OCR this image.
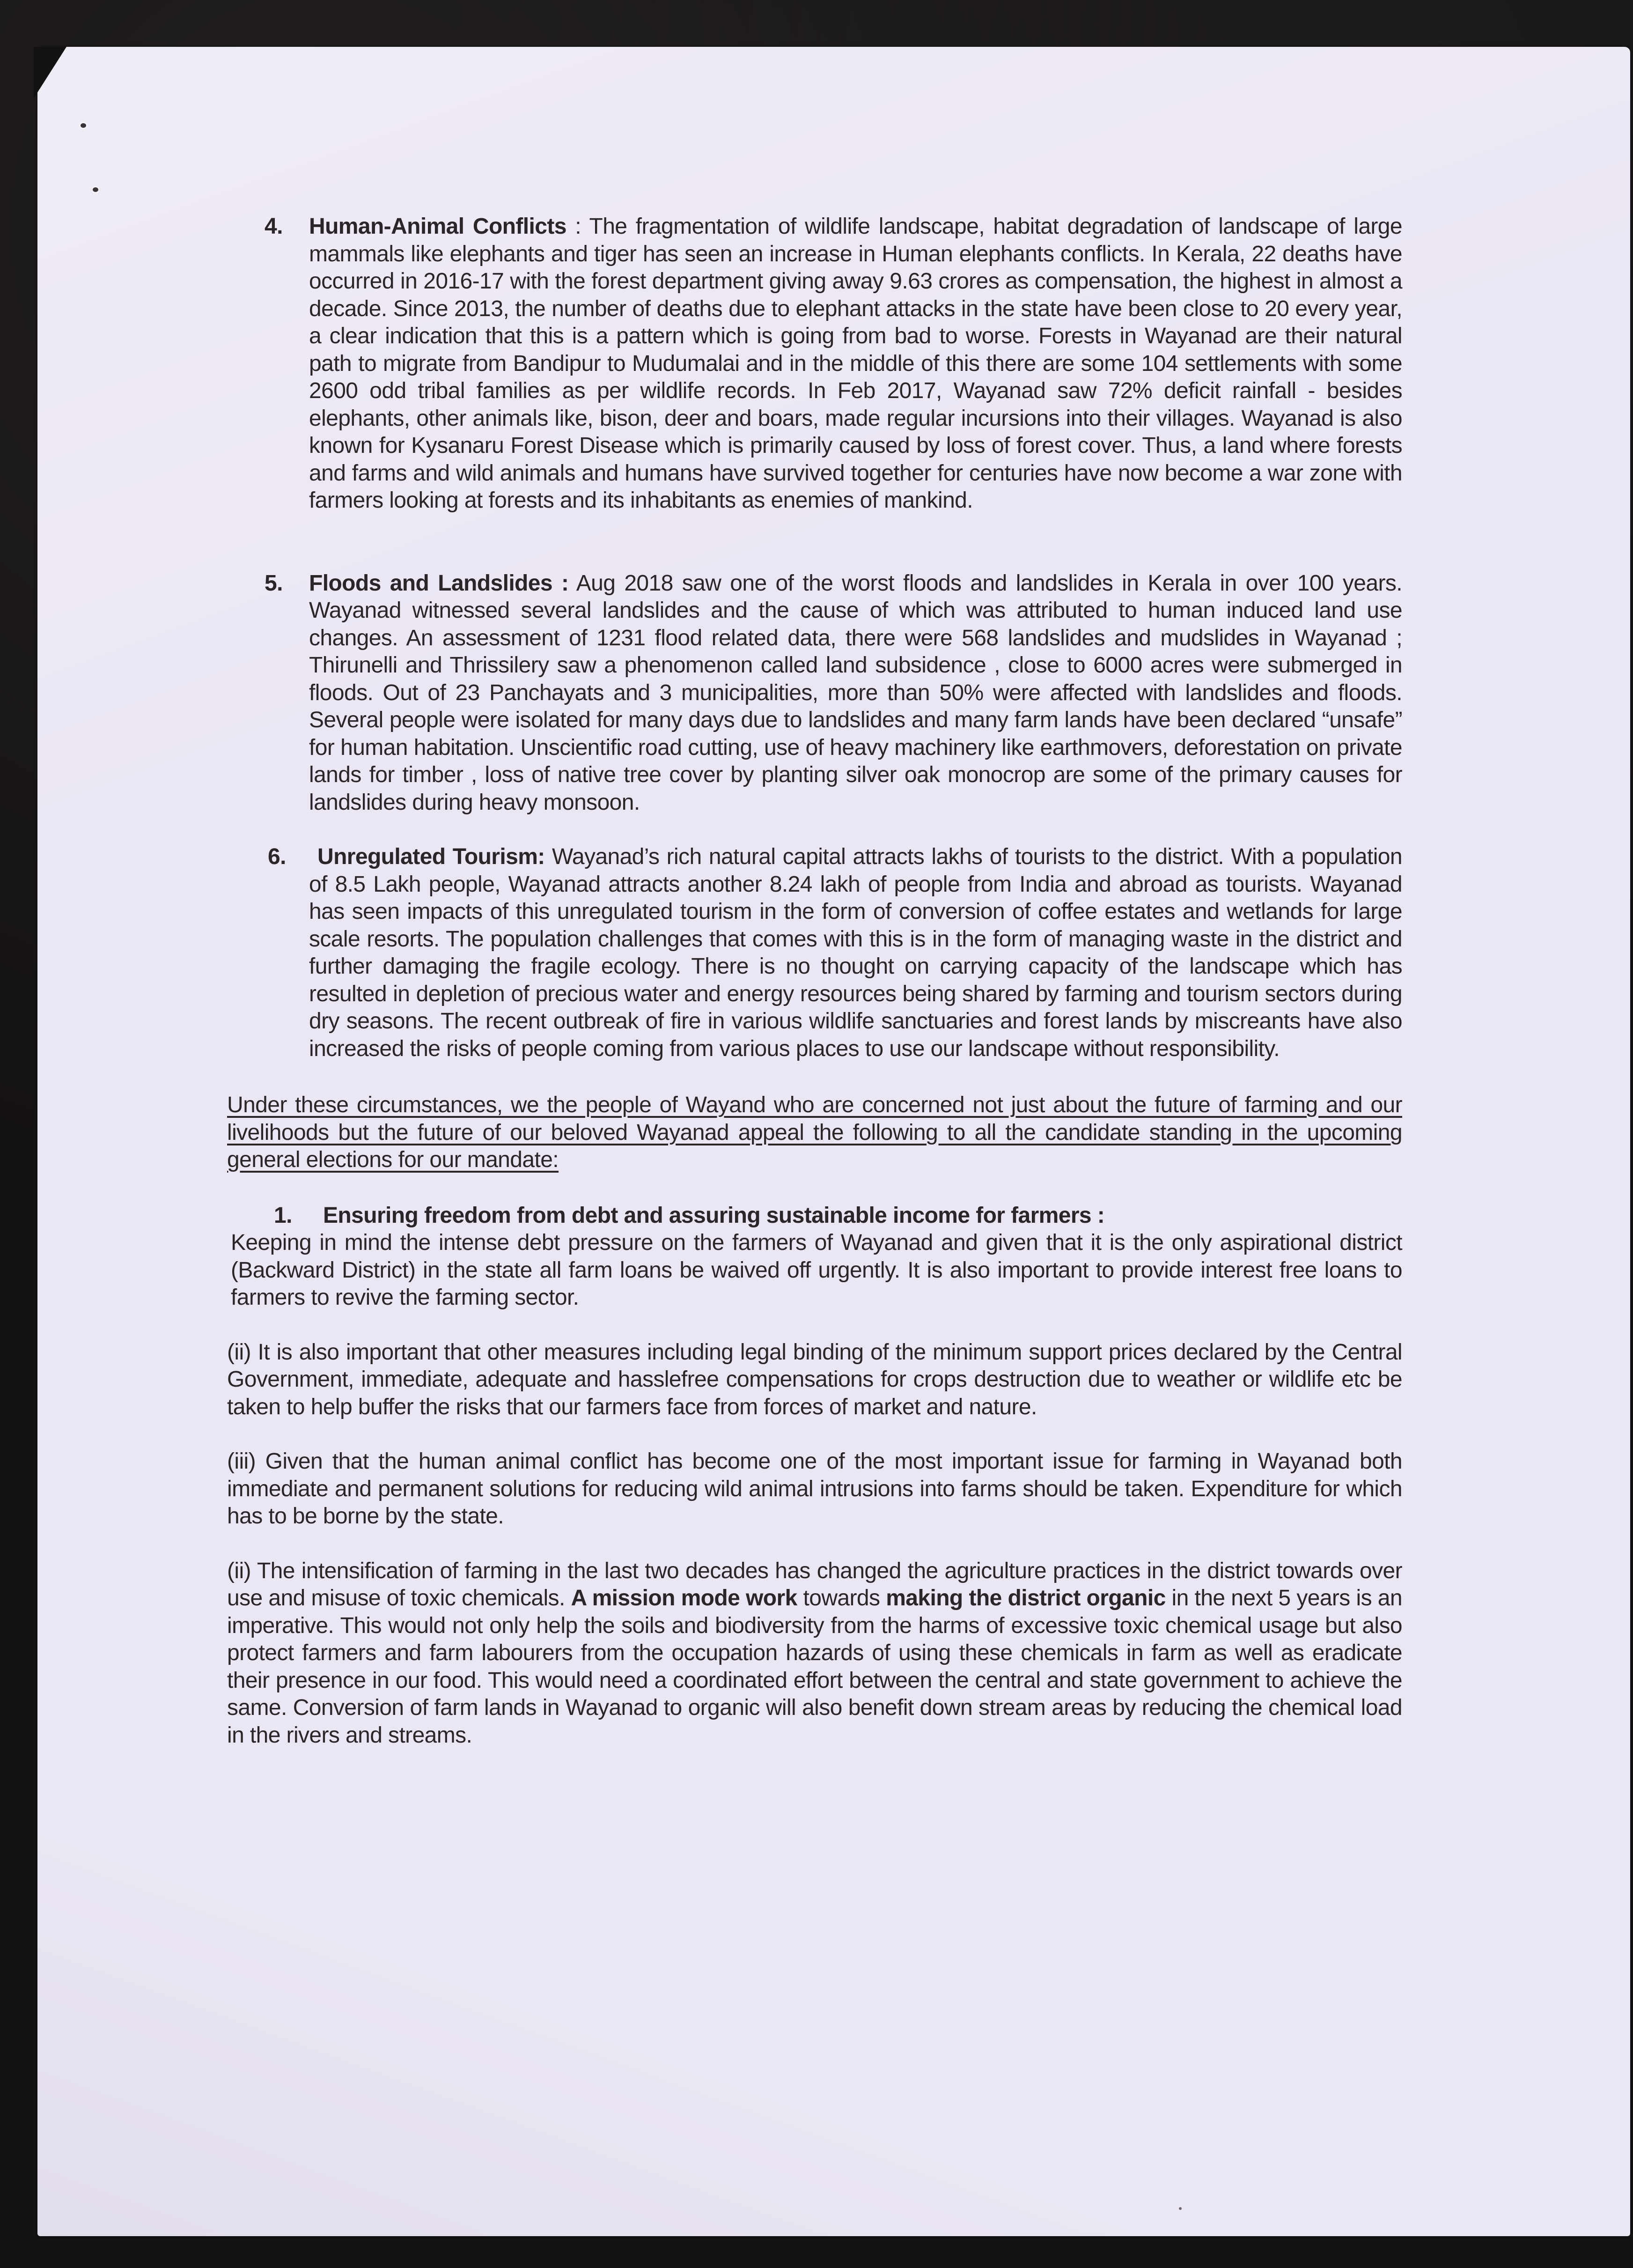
4. Human-Animal Conflicts : The fragmentation of wildlife landscape, habitat degradation of landscape of large mammals like elephants and tiger has seen an increase in Human elephants conflicts. In Kerala, 22 deaths have occurred in 2016-17 with the forest department giving away 9.63 crores as compensation, the highest in almost a decade. Since 2013, the number of deaths due to elephant attacks in the state have been close to 20 every year, a clear indication that this is a pattern which is going from bad to worse. Forests in Wayanad are their natural path to migrate from Bandipur to Mudumalai and in the middle of this there are some 104 settlements with some 2600 odd tribal families as per wildlife records. In Feb 2017, Wayanad saw 72% deficit rainfall - besides elephants, other animals like, bison, deer and boars, made regular incursions into their villages. Wayanad is also known for Kysanaru Forest Disease which is primarily caused by loss of forest cover. Thus, a land where forests and farms and wild animals and humans have survived together for centuries have now become a war zone with farmers looking at forests and its inhabitants as enemies of mankind.
5. Floods and Landslides : Aug 2018 saw one of the worst floods and landslides in Kerala in over 100 years. Wayanad witnessed several landslides and the cause of which was attributed to human induced land use changes. An assessment of 1231 flood related data, there were 568 landslides and mudslides in Wayanad ; Thirunelli and Thrissilery saw a phenomenon called land subsidence , close to 6000 acres were submerged in floods. Out of 23 Panchayats and 3 municipalities, more than 50% were affected with landslides and floods. Several people were isolated for many days due to landslides and many farm lands have been declared “unsafe” for human habitation. Unscientific road cutting, use of heavy machinery like earthmovers, deforestation on private lands for timber , loss of native tree cover by planting silver oak monocrop are some of the primary causes for landslides during heavy monsoon.
6. Unregulated Tourism: Wayanad’s rich natural capital attracts lakhs of tourists to the district. With a population of 8.5 Lakh people, Wayanad attracts another 8.24 lakh of people from India and abroad as tourists. Wayanad has seen impacts of this unregulated tourism in the form of conversion of coffee estates and wetlands for large scale resorts. The population challenges that comes with this is in the form of managing waste in the district and further damaging the fragile ecology. There is no thought on carrying capacity of the landscape which has resulted in depletion of precious water and energy resources being shared by farming and tourism sectors during dry seasons. The recent outbreak of fire in various wildlife sanctuaries and forest lands by miscreants have also increased the risks of people coming from various places to use our landscape without responsibility.
Under these circumstances, we the people of Wayand who are concerned not just about the future of farming and our livelihoods but the future of our beloved Wayanad appeal the following to all the candidate standing in the upcoming general elections for our mandate:
1. Ensuring freedom from debt and assuring sustainable income for farmers :
Keeping in mind the intense debt pressure on the farmers of Wayanad and given that it is the only aspirational district (Backward District) in the state all farm loans be waived off urgently. It is also important to provide interest free loans to farmers to revive the farming sector.
(ii) It is also important that other measures including legal binding of the minimum support prices declared by the Central Government, immediate, adequate and hasslefree compensations for crops destruction due to weather or wildlife etc be taken to help buffer the risks that our farmers face from forces of market and nature.
(iii) Given that the human animal conflict has become one of the most important issue for farming in Wayanad both immediate and permanent solutions for reducing wild animal intrusions into farms should be taken. Expenditure for which has to be borne by the state.
(ii) The intensification of farming in the last two decades has changed the agriculture practices in the district towards over use and misuse of toxic chemicals. A mission mode work towards making the district organic in the next 5 years is an imperative. This would not only help the soils and biodiversity from the harms of excessive toxic chemical usage but also protect farmers and farm labourers from the occupation hazards of using these chemicals in farm as well as eradicate their presence in our food. This would need a coordinated effort between the central and state government to achieve the same. Conversion of farm lands in Wayanad to organic will also benefit down stream areas by reducing the chemical load in the rivers and streams.
